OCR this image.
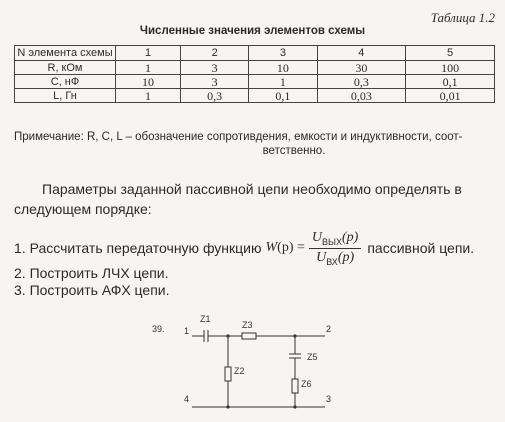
Таблица 1.2
Численные значения элементов схемы
N элемента схемы	1	2	3	4	5
R, кОм	1	3	10	30	100
C, нФ	10	3	1	0,3	0,1
L, Гн	1	0,3	0,1	0,03	0,01
Примечание: R, C, L – обозначение сопротивдения, емкости и индуктивности, соот-
ветственно.
Параметры заданной пассивной цепи необходимо определять в следующем порядке:
1. Рассчитать передаточную функцию W $(p) = \frac{U_{ВЫХ}(p)}{U_{ВХ}(p)}$ пассивной цепи.
2. Построить ЛЧХ цепи.
3. Построить АФХ цепи.
39. 1	2
3
4
Z1
Z2
Z3
Z5
Z6
